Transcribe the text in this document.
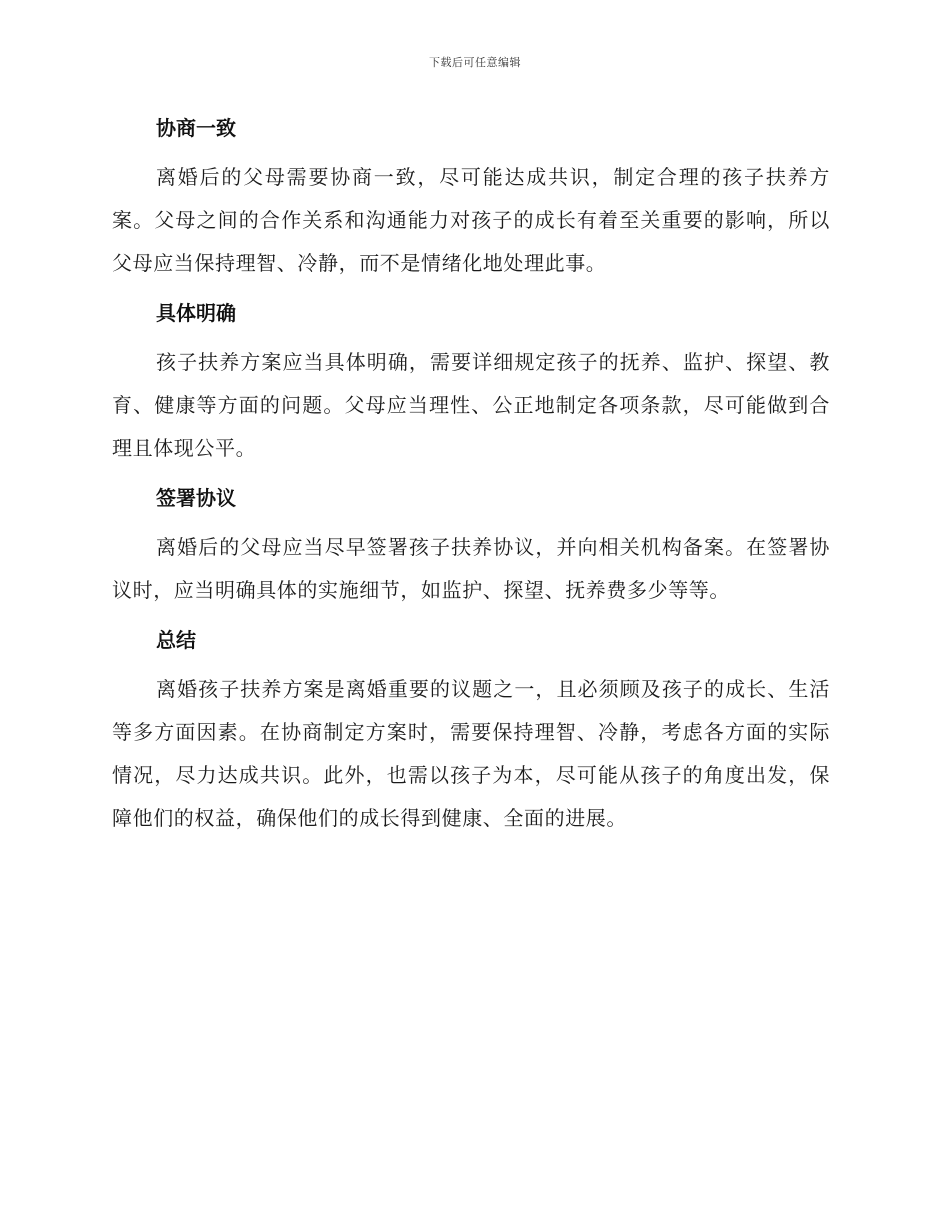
下载后可任意编辑
协商一致

离婚后的父母需要协商一致，尽可能达成共识，制定合理的孩子扶养方案。父母之间的合作关系和沟通能力对孩子的成长有着至关重要的影响，所以父母应当保持理智、冷静，而不是情绪化地处理此事。

具体明确

孩子扶养方案应当具体明确，需要详细规定孩子的抚养、监护、探望、教育、健康等方面的问题。父母应当理性、公正地制定各项条款，尽可能做到合理且体现公平。

签署协议

离婚后的父母应当尽早签署孩子扶养协议，并向相关机构备案。在签署协议时，应当明确具体的实施细节，如监护、探望、抚养费多少等等。

总结

离婚孩子扶养方案是离婚重要的议题之一，且必须顾及孩子的成长、生活等多方面因素。在协商制定方案时，需要保持理智、冷静，考虑各方面的实际情况，尽力达成共识。此外，也需以孩子为本，尽可能从孩子的角度出发，保障他们的权益，确保他们的成长得到健康、全面的进展。
